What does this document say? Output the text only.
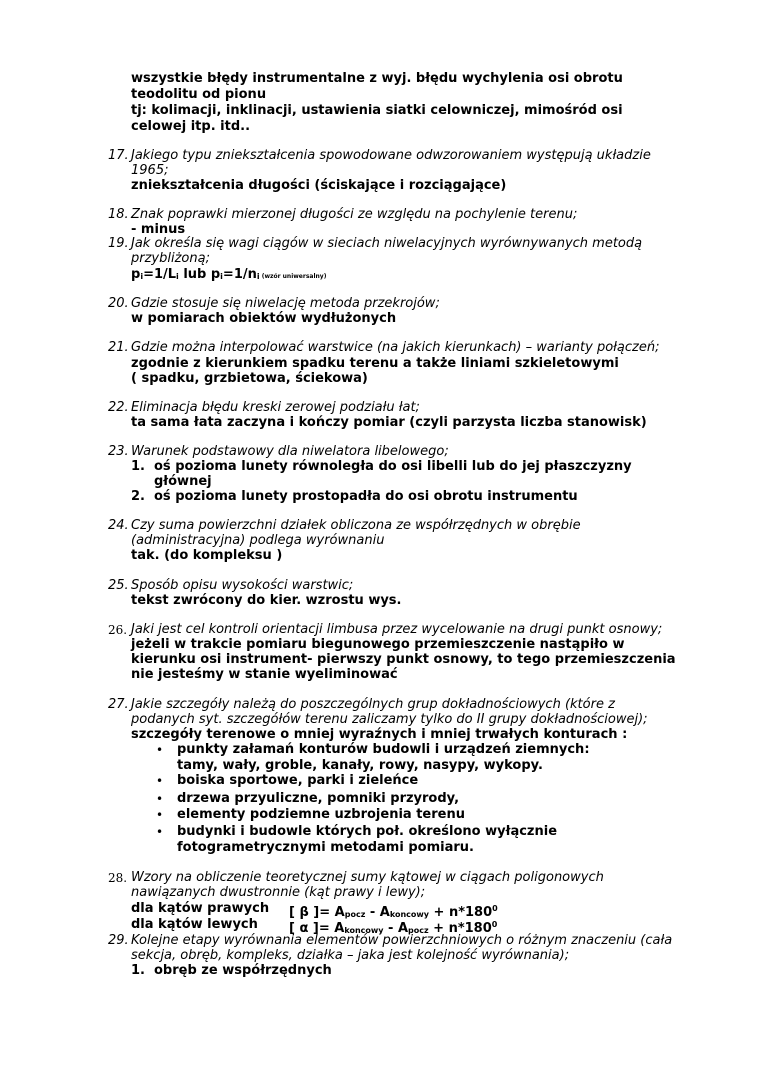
wszystkie błędy instrumentalne z wyj. błędu wychylenia osi obrotu
teodolitu od pionu
tj: kolimacji, inklinacji, ustawienia siatki celowniczej, mimośród osi
celowej itp. itd..
17. Jakiego typu zniekształcenia spowodowane odwzorowaniem występują układzie
1965;
zniekształcenia długości (ściskające i rozciągające)
18. Znak poprawki mierzonej długości ze względu na pochylenie terenu;
- minus
19. Jak określa się wagi ciągów w sieciach niwelacyjnych wyrównywanych metodą
przybliżoną;
pi=1/Li lub pi=1/ni (wzór uniwersalny)
20. Gdzie stosuje się niwelację metoda przekrojów;
w pomiarach obiektów wydłużonych
21. Gdzie można interpolować warstwice (na jakich kierunkach) – warianty połączeń;
zgodnie z kierunkiem spadku terenu a także liniami szkieletowymi
( spadku, grzbietowa, ściekowa)
22. Eliminacja błędu kreski zerowej podziału łat;
ta sama łata zaczyna i kończy pomiar (czyli parzysta liczba stanowisk)
23. Warunek podstawowy dla niwelatora libelowego;
1. oś pozioma lunety równoległa do osi libelli lub do jej płaszczyzny
głównej
2. oś pozioma lunety prostopadła do osi obrotu instrumentu
24. Czy suma powierzchni działek obliczona ze współrzędnych w obrębie
(administracyjna) podlega wyrównaniu
tak. (do kompleksu )
25. Sposób opisu wysokości warstwic;
tekst zwrócony do kier. wzrostu wys.
26. Jaki jest cel kontroli orientacji limbusa przez wycelowanie na drugi punkt osnowy;
jeżeli w trakcie pomiaru biegunowego przemieszczenie nastąpiło w
kierunku osi instrument- pierwszy punkt osnowy, to tego przemieszczenia
nie jesteśmy w stanie wyeliminować
27. Jakie szczegóły należą do poszczególnych grup dokładnościowych (które z
podanych syt. szczegółów terenu zaliczamy tylko do II grupy dokładnościowej);
szczegóły terenowe o mniej wyraźnych i mniej trwałych konturach :
• punkty załamań konturów budowli i urządzeń ziemnych:
tamy, wały, groble, kanały, rowy, nasypy, wykopy.
• boiska sportowe, parki i zieleńce
• drzewa przyuliczne, pomniki przyrody,
• elementy podziemne uzbrojenia terenu
• budynki i budowle których poł. określono wyłącznie
fotogrametrycznymi metodami pomiaru.
28. Wzory na obliczenie teoretycznej sumy kątowej w ciągach poligonowych
nawiązanych dwustronnie (kąt prawy i lewy);
dla kątów prawych [ β ]= Apocz - Akoncowy + $n*180^0$
dla kątów lewych [ α ]= Akoncowy - Apocz + $n*180^0$
29. Kolejne etapy wyrównania elementów powierzchniowych o różnym znaczeniu (cała
sekcja, obręb, kompleks, działka – jaka jest kolejność wyrównania);
1. obręb ze współrzędnych
